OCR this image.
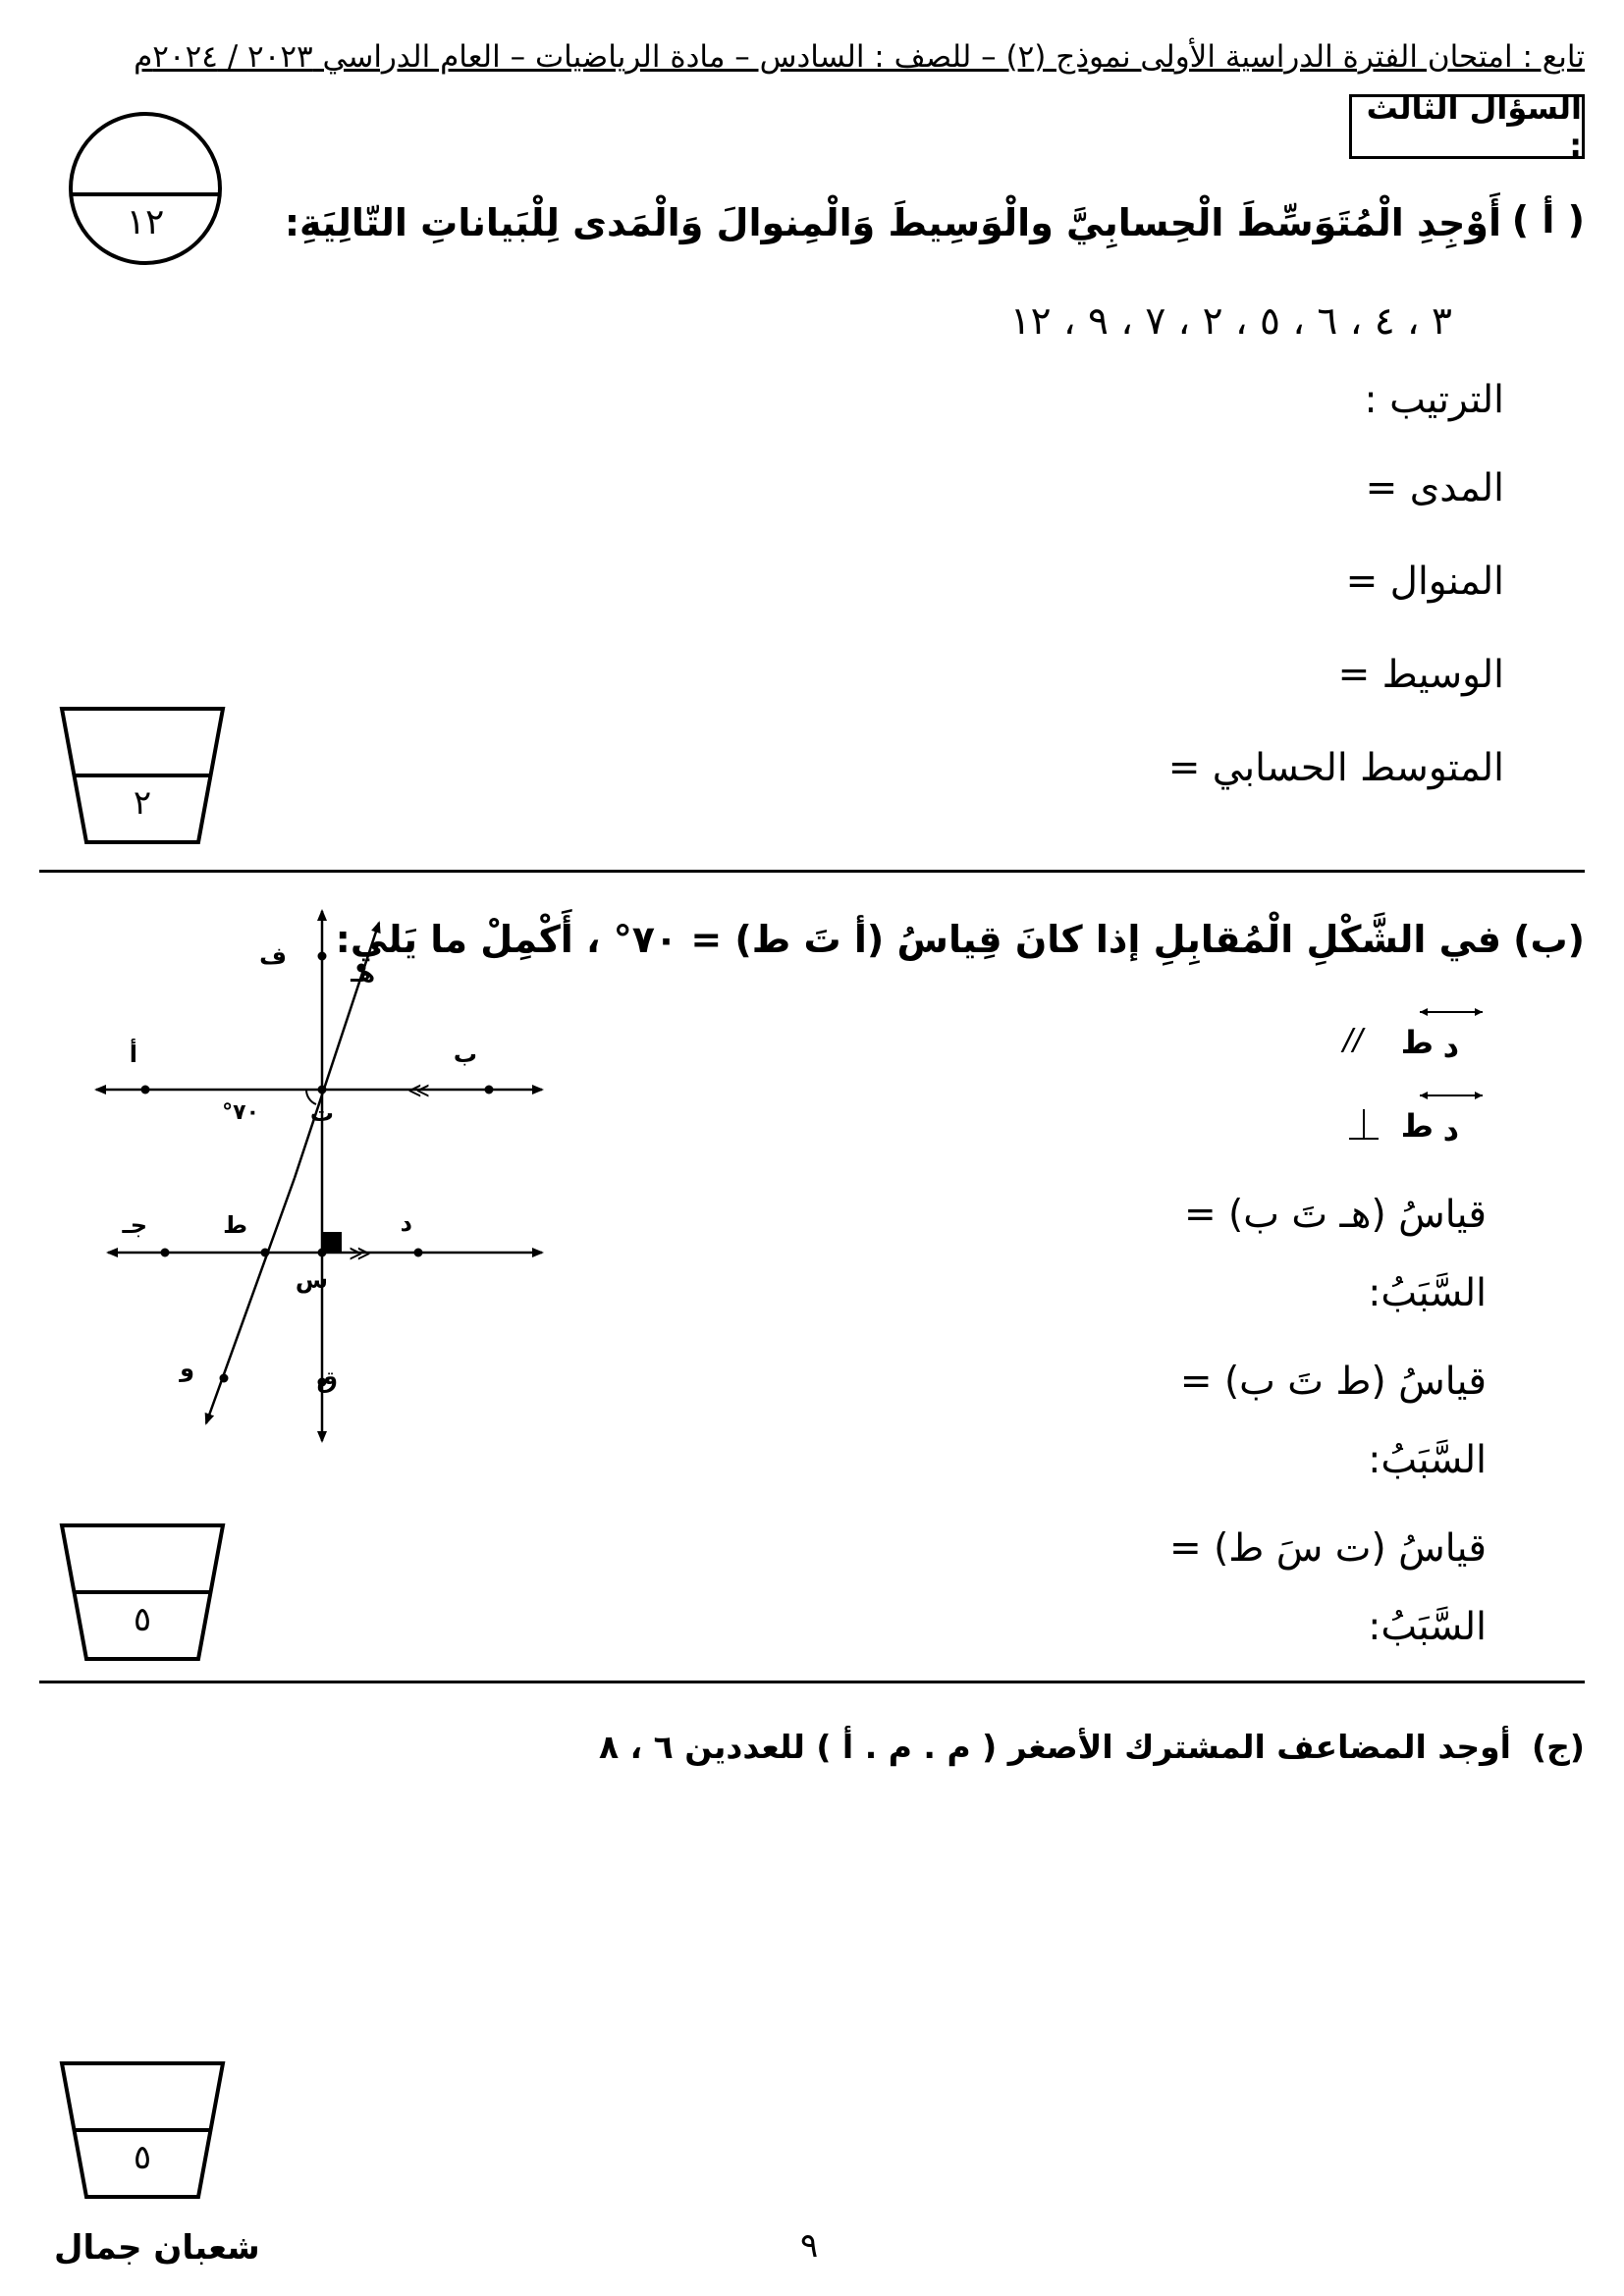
تابع : امتحان الفترة الدراسية الأولى نموذج (٢) – للصف : السادس – مادة الرياضيات – العام الدراسي ٢٠٢٣ / ٢٠٢٤م
السؤال الثالث :
١٢	( أ )
أَوْجِدِ الْمُتَوَسِّطَ الْحِسابِيَّ والْوَسِيطَ وَالْمِنوالَ وَالْمَدى لِلْبَياناتِ التّالِيَةِ:
٣ ، ٤ ، ٦ ، ٥ ، ٢ ، ٧ ، ٩ ، ١٢
الترتيب :
المدى =
المنوال =
الوسيط =
المتوسط الحسابي =
٢
(ب)
في الشَّكْلِ الْمُقابِلِ إذا كانَ قِياسُ (أ تَ ط) = ٧٠° ، أَكْمِلْ ما يَلي:
// ط د
ط د
قياسُ (هـ تَ ب) =
السَّبَبُ:
قياسُ (ط تَ ب) =
السَّبَبُ:
قياسُ (ت سَ ط) =
السَّبَبُ:
≫
≪
ف
هـ
أ	ب
٧٠° ت
جـ	ط	د
س
و	ق
٥
(ج)
أوجد المضاعف المشترك الأصغر ( م . م . أ ) للعددين ٦ ، ٨
٥
شعبان جمال	٩
